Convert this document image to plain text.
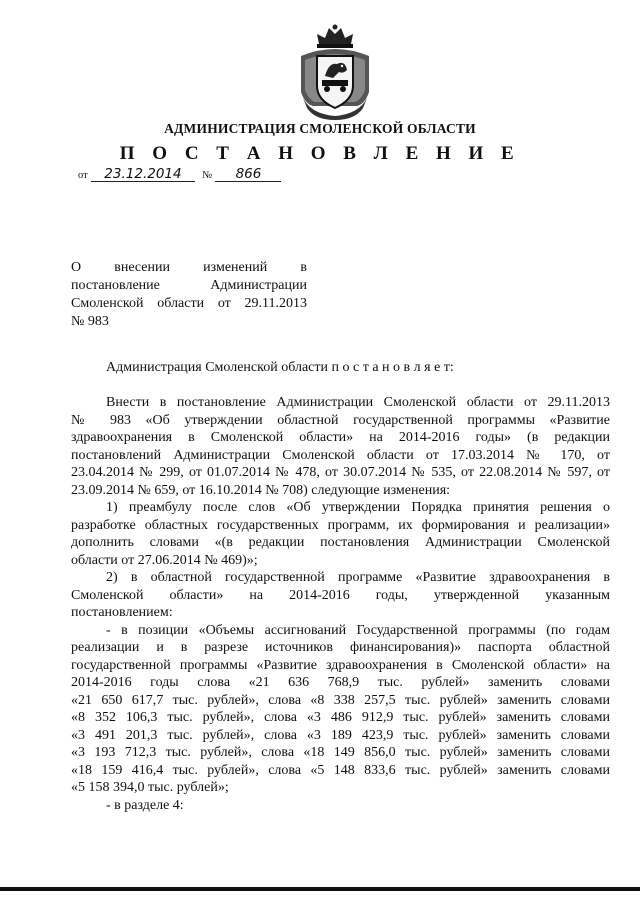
АДМИНИСТРАЦИЯ СМОЛЕНСКОЙ ОБЛАСТИ
П О С Т А Н О В Л Е Н И Е
от 23.12.2014 № 866
О внесении изменений в
постановление Администрации
Смоленской области от 29.11.2013
№ 983
Администрация Смоленской области п о с т а н о в л я е т:
Внести в постановление Администрации Смоленской области от 29.11.2013
№ 983 «Об утверждении областной государственной программы «Развитие
здравоохранения в Смоленской области» на 2014-2016 годы» (в редакции
постановлений Администрации Смоленской области от 17.03.2014 № 170, от
23.04.2014 № 299, от 01.07.2014 № 478, от 30.07.2014 № 535, от 22.08.2014 № 597, от
23.09.2014 № 659, от 16.10.2014 № 708) следующие изменения:
1) преамбулу после слов «Об утверждении Порядка принятия решения о
разработке областных государственных программ, их формирования и реализации»
дополнить словами «(в редакции постановления Администрации Смоленской
области от 27.06.2014 № 469)»;
2) в областной государственной программе «Развитие здравоохранения в
Смоленской области» на 2014-2016 годы, утвержденной указанным
постановлением:
- в позиции «Объемы ассигнований Государственной программы (по годам
реализации и в разрезе источников финансирования)» паспорта областной
государственной программы «Развитие здравоохранения в Смоленской области» на
2014-2016 годы слова «21 636 768,9 тыс. рублей» заменить словами
«21 650 617,7 тыс. рублей», слова «8 338 257,5 тыс. рублей» заменить словами
«8 352 106,3 тыс. рублей», слова «3 486 912,9 тыс. рублей» заменить словами
«3 491 201,3 тыс. рублей», слова «3 189 423,9 тыс. рублей» заменить словами
«3 193 712,3 тыс. рублей», слова «18 149 856,0 тыс. рублей» заменить словами
«18 159 416,4 тыс. рублей», слова «5 148 833,6 тыс. рублей» заменить словами
«5 158 394,0 тыс. рублей»;
- в разделе 4:
